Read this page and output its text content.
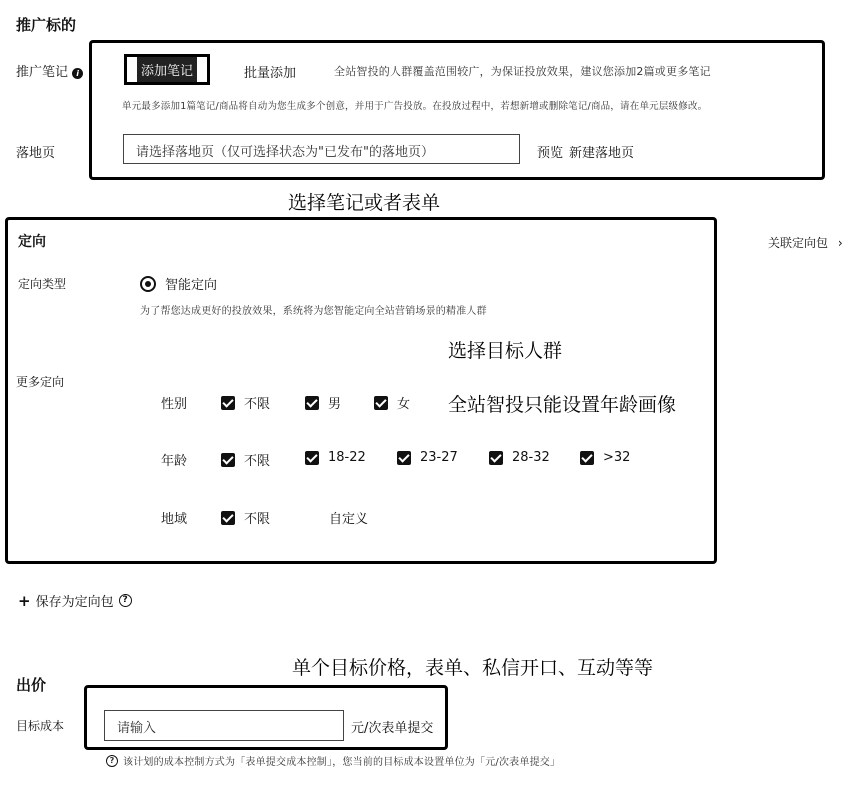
推广标的
推广笔记 i	添加笔记	批量添加	全站智投的人群覆盖范围较广，为保证投放效果，建议您添加2篇或更多笔记
单元最多添加1篇笔记/商品将自动为您生成多个创意，并用于广告投放。在投放过程中，若想新增或删除笔记/商品，请在单元层级修改。
落地页	请选择落地页（仅可选择状态为"已发布"的落地页）	预览 新建落地页
选择笔记或者表单
定向	关联定向包 ›
定向类型	智能定向
为了帮您达成更好的投放效果，系统将为您智能定向全站营销场景的精准人群
选择目标人群
更多定向
性别	不限	男	女 全站智投只能设置年龄画像
年龄	不限	18-22	23-27	28-32	>32
地域	不限	自定义
+ 保存为定向包 ?
单个目标价格，表单、私信开口、互动等等
出价
目标成本	请输入	元/次表单提交
? 该计划的成本控制方式为「表单提交成本控制」，您当前的目标成本设置单位为「元/次表单提交」
